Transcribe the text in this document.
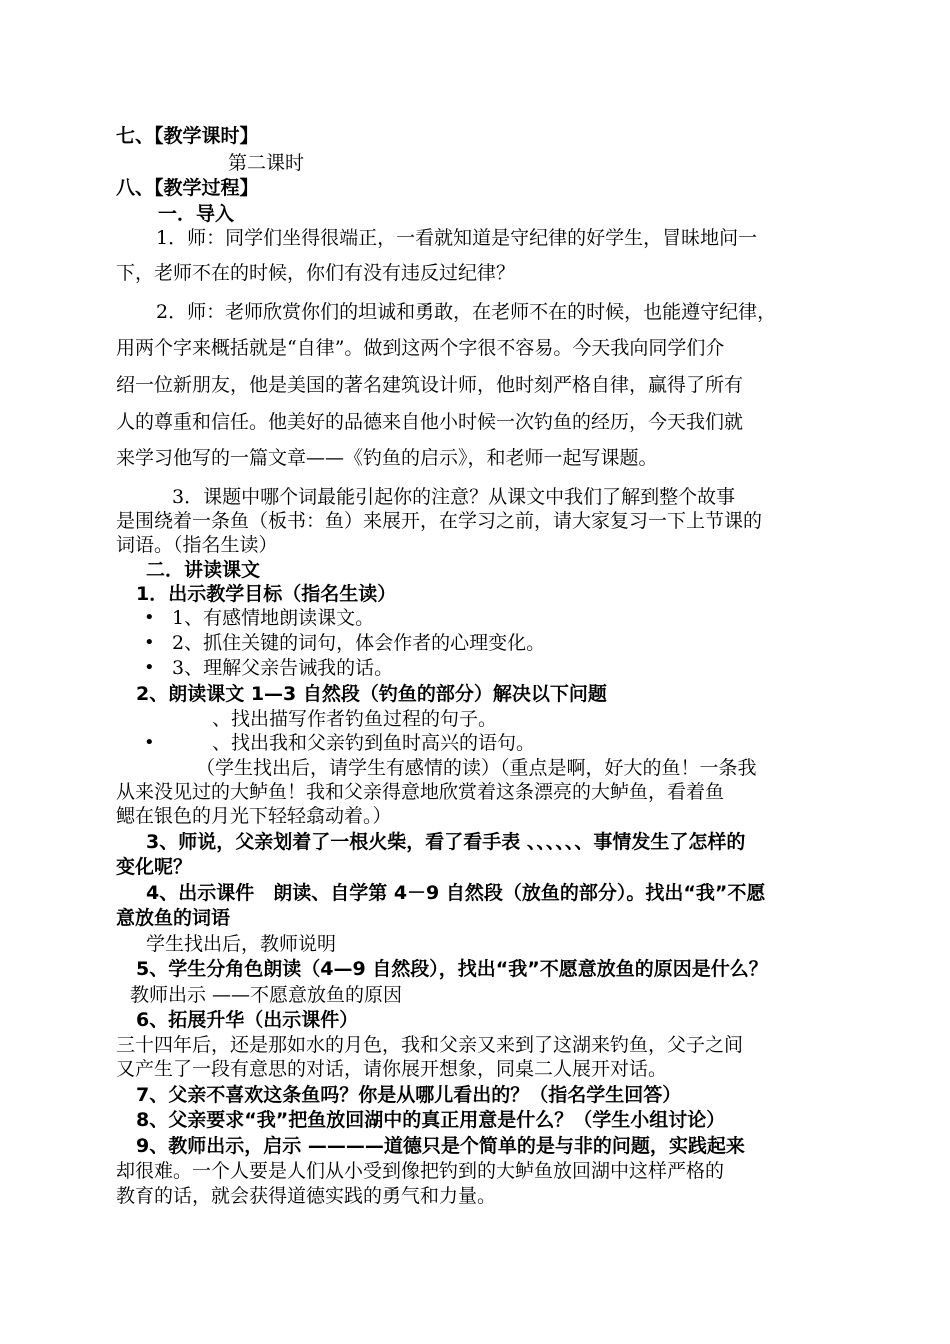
七、【教学课时】
第二课时
八、【教学过程】
一．导入
1．师：同学们坐得很端正，一看就知道是守纪律的好学生，冒昧地问一
下，老师不在的时候，你们有没有违反过纪律？
2．师：老师欣赏你们的坦诚和勇敢，在老师不在的时候，也能遵守纪律，
用两个字来概括就是“自律”。做到这两个字很不容易。今天我向同学们介
绍一位新朋友，他是美国的著名建筑设计师，他时刻严格自律，赢得了所有
人的尊重和信任。他美好的品德来自他小时候一次钓鱼的经历，今天我们就
来学习他写的一篇文章——《钓鱼的启示》，和老师一起写课题。
3．课题中哪个词最能引起你的注意？从课文中我们了解到整个故事
是围绕着一条鱼（板书：鱼）来展开，在学习之前，请大家复习一下上节课的
词语。（指名生读）
二．讲读课文
1．出示教学目标（指名生读）
• 1、有感情地朗读课文。
• 2、抓住关键的词句，体会作者的心理变化。
• 3、理解父亲告诫我的话。
2、朗读课文 1—3 自然段（钓鱼的部分）解决以下问题
、找出描写作者钓鱼过程的句子。
•	、找出我和父亲钓到鱼时高兴的语句。
（学生找出后，请学生有感情的读）（重点是啊，好大的鱼！一条我
从来没见过的大鲈鱼！我和父亲得意地欣赏着这条漂亮的大鲈鱼，看着鱼
鳃在银色的月光下轻轻翕动着。）
3、师说，父亲划着了一根火柴，看了看手表 、、、、、、事情发生了怎样的
变化呢？
4、出示课件　朗读、自学第 4－9 自然段（放鱼的部分）。找出“我”不愿
意放鱼的词语
学生找出后，教师说明
5、学生分角色朗读（4—9 自然段），找出“我”不愿意放鱼的原因是什么？
教师出示 ——不愿意放鱼的原因
6、拓展升华（出示课件）
三十四年后，还是那如水的月色，我和父亲又来到了这湖来钓鱼，父子之间
又产生了一段有意思的对话，请你展开想象，同桌二人展开对话。
7、父亲不喜欢这条鱼吗？你是从哪儿看出的？（指名学生回答）
8、父亲要求“我”把鱼放回湖中的真正用意是什么？（学生小组讨论）
9、教师出示，启示 ————道德只是个简单的是与非的问题，实践起来
却很难。一个人要是人们从小受到像把钓到的大鲈鱼放回湖中这样严格的
教育的话，就会获得道德实践的勇气和力量。
